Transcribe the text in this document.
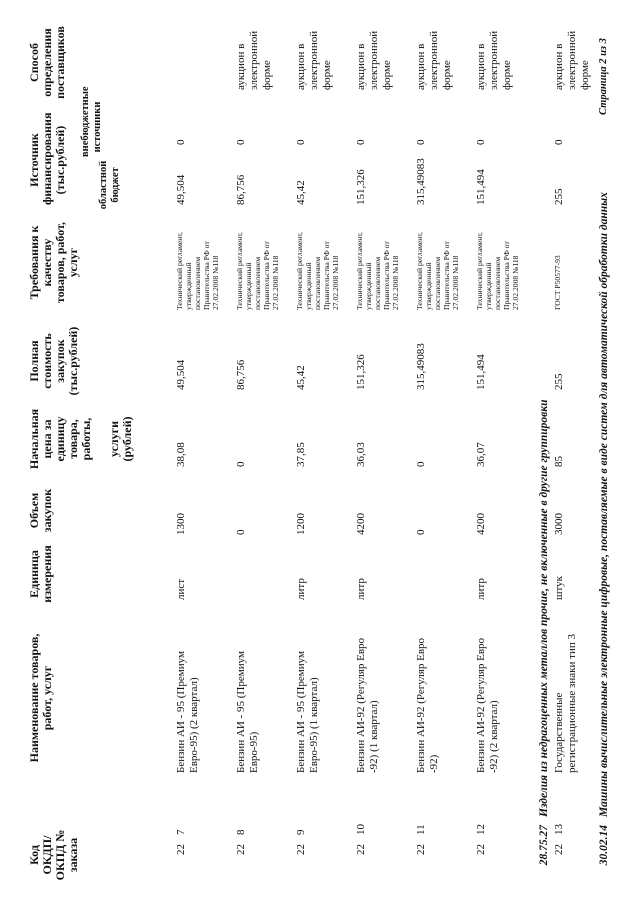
Код ОКДП/ ОКПД № заказа
Наименование товаров, работ, услуг
Единица измерения
Объем закупок
Начальная цена за единицу товара, работы, услуги (рублей)
Полная стоимость закупок (тыс.рублей)
Требования к качеству товаров, работ, услуг
Источник финансирования (тыс.рублей)	областной бюджет
внебюджетные источники
Способ определения поставщиков
22
7
Бензин АИ - 95 (Премиум Евро-95) (2 квартал)
лист
1300
38,08
49,504
Технический регламент, утвержденный постановлением Правительства РФ от 27.02.2008 №118
49,504
0
22
8
Бензин АИ - 95 (Премиум Евро-95)
0
0
86,756
Технический регламент, утвержденный постановлением Правительства РФ от 27.02.2008 №118
86,756
0
аукцион в электронной форме
22
9
Бензин АИ - 95 (Премиум Евро-95) (1 квартал)
литр
1200
37,85
45,42
Технический регламент, утвержденный постановлением Правительства РФ от 27.02.2008 №118
45,42
0
аукцион в электронной форме
22
10
Бензин АИ-92 (Регуляр Евро -92) (1 квартал)
литр
4200
36,03
151,326
Технический регламент, утвержденный постановлением Правительства РФ от 27.02.2008 №118
151,326
0
аукцион в электронной форме
22
11
Бензин АИ-92 (Регуляр Евро -92)
0
0
315,49083
Технический регламент, утвержденный постановлением Правительства РФ от 27.02.2008 №118
315,49083
0
аукцион в электронной форме
22
12
Бензин АИ-92 (Регуляр Евро -92) (2 квартал)
литр
4200
36,07
151,494
Технический регламент, утвержденный постановлением Правительства РФ от 27.02.2008 №118
151,494
0
аукцион в электронной форме
28.75.27
Изделия из недрагоценных металлов прочие, не включенные в другие группировки
22
13
Государственные регистрационные знаки тип 3
штук
3000
85
255
ГОСТ Р50577-93
255
0
аукцион в электронной форме
30.02.14
Машины вычислительные электронные цифровые, поставляемые в виде систем для автоматической обработки данных
Страница 2 из 3
